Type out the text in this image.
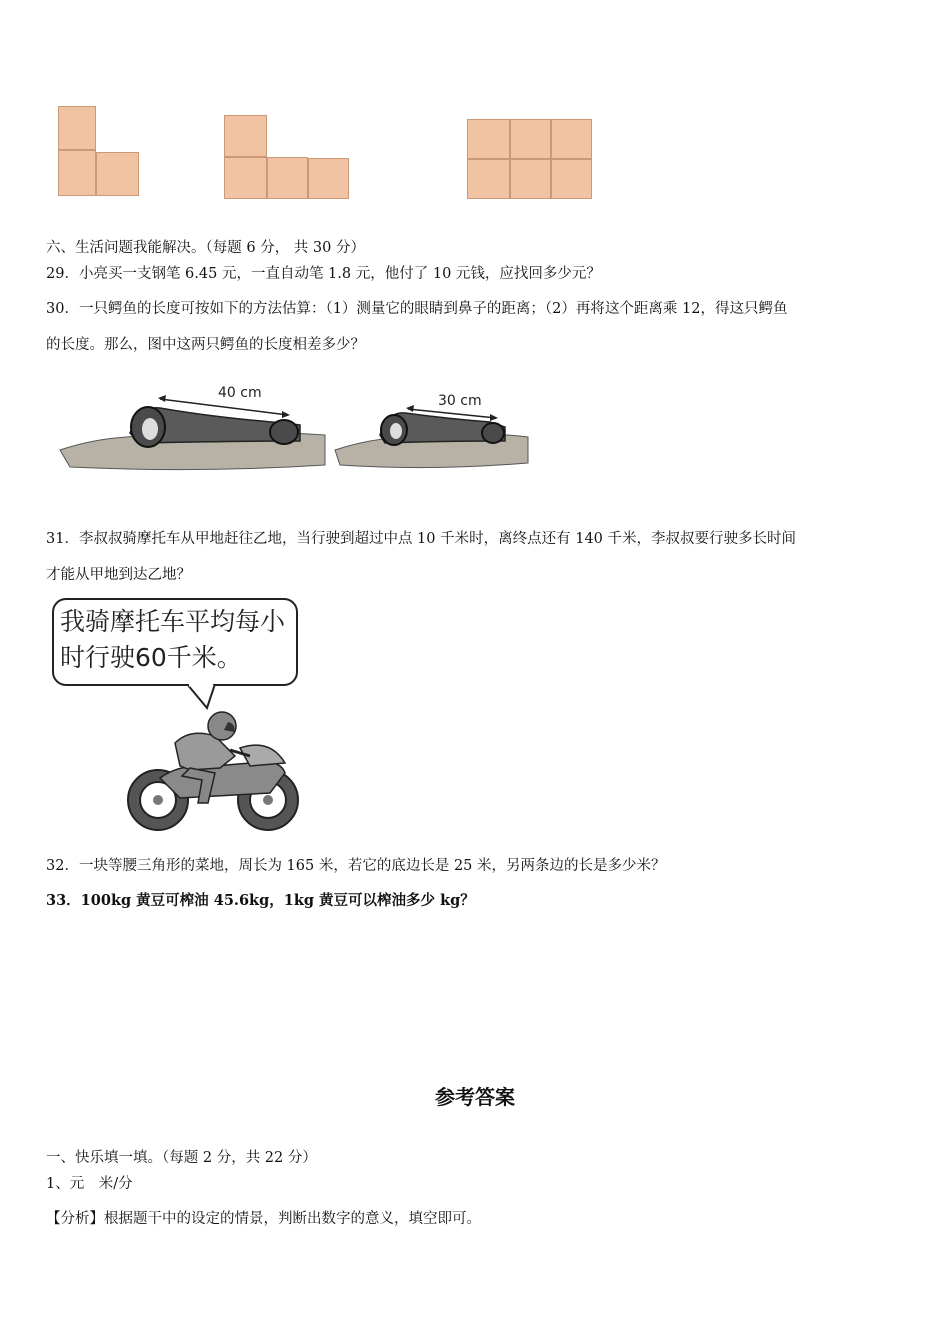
六、生活问题我能解决。（每题 6 分， 共 30 分）
29．小亮买一支钢笔 6.45 元，一直自动笔 1.8 元，他付了 10 元钱，应找回多少元？
30．一只鳄鱼的长度可按如下的方法估算：（1）测量它的眼睛到鼻子的距离；（2）再将这个距离乘 12，得这只鳄鱼
的长度。那么，图中这两只鳄鱼的长度相差多少？
40 cm	30 cm
31．李叔叔骑摩托车从甲地赶往乙地，当行驶到超过中点 10 千米时，离终点还有 140 千米，李叔叔要行驶多长时间
才能从甲地到达乙地？
我骑摩托车平均每小时行驶60千米。
32．一块等腰三角形的菜地，周长为 165 米，若它的底边长是 25 米，另两条边的长是多少米？
33．100kg 黄豆可榨油 45.6kg，1kg 黄豆可以榨油多少 kg？
参考答案
一、快乐填一填。（每题 2 分，共 22 分）
1、元　米/分
【分析】根据题干中的设定的情景，判断出数字的意义，填空即可。
